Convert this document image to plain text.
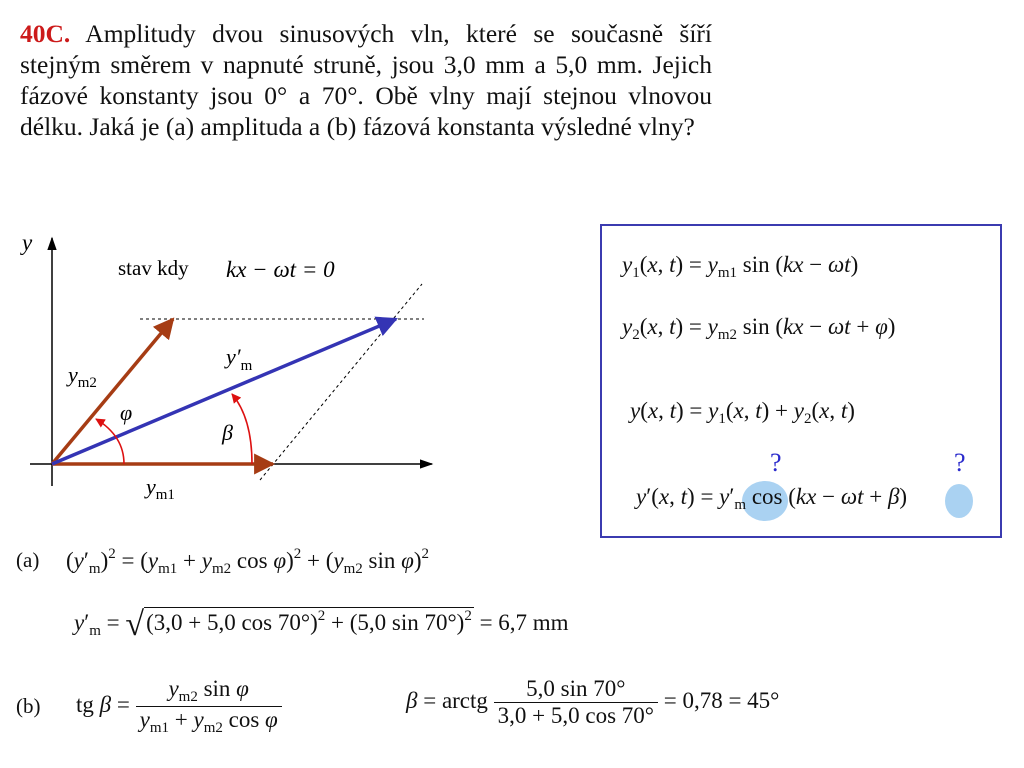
40C. Amplitudy dvou sinusových vln, které se současně šíří stejným směrem v napnuté struně, jsou 3,0 mm a 5,0 mm. Jejich fázové konstanty jsou 0° a 70°. Obě vlny mají stejnou vlnovou délku. Jaká je (a) amplituda a (b) fázová konstanta výsledné vlny?
y
stav kdy kx − ωt = 0
$y_{m2}$
$y_{m1}$
$y'_m$
φ
β
$y_1(x$, $t) = y_{m1}$ sin (kx − ωt)
$y_2(x$, $t) = y_{m2}$ sin (kx − ωt + φ)
y(x, $t) = y_1(x$, $t) + y_2(x$, t)
?	?
y′(x, $t) = y'_m$ cos (kx − ωt + β)
(a) $(y'_m)^2 = (y_{m1} + y_{m2}$ $\cos \varphi)^2 + (y_{m2}$ sin φ)$^2$
$y'_m = √(3,0 + 5,0$ cos 70°)$^2$ + (5,0 sin 70°)$^2$ = 6,7 mm
(b) tg $\beta = \frac{y_{m2} \sin \varphi}{y_{m1} + y_{m2} \cos \varphi}$	β = arctg $\frac{5,0 \sin 70^\circ}{3,0 + 5,0 \cos 70^\circ} = 0,78 = 45^\circ$
